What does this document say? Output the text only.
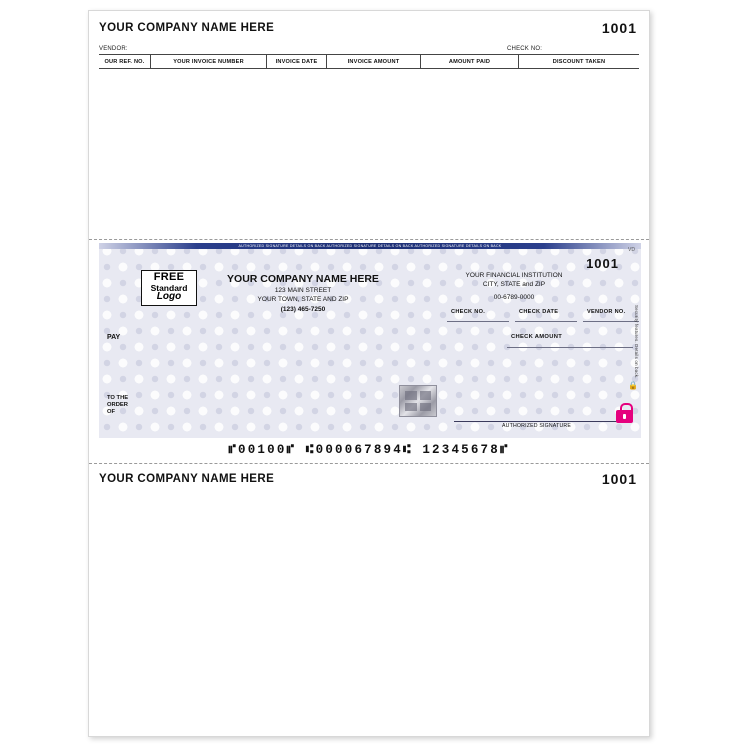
YOUR COMPANY NAME HERE	1001
VENDOR:	CHECK NO:
OUR REF. NO.	YOUR INVOICE NUMBER	INVOICE DATE	INVOICE AMOUNT	AMOUNT PAID	DISCOUNT TAKEN
AUTHORIZED SIGNATURE DETAILS ON BACK AUTHORIZED SIGNATURE DETAILS ON BACK AUTHORIZED SIGNATURE DETAILS ON BACK
VD
1001
FREE
Standard
Logo
YOUR COMPANY NAME HERE
123 MAIN STREET
YOUR TOWN, STATE AND ZIP
(123) 465-7250
YOUR FINANCIAL INSTITUTION
CITY, STATE and ZIP
00-6789-0000
CHECK NO.	CHECK DATE	VENDOR NO.
PAY	CHECK AMOUNT
TO THE
ORDER
OF
AUTHORIZED SIGNATURE
Security features. Details on back.
🔒
⑈00100⑈ ⑆000067894⑆ 12345678⑈
YOUR COMPANY NAME HERE	1001
